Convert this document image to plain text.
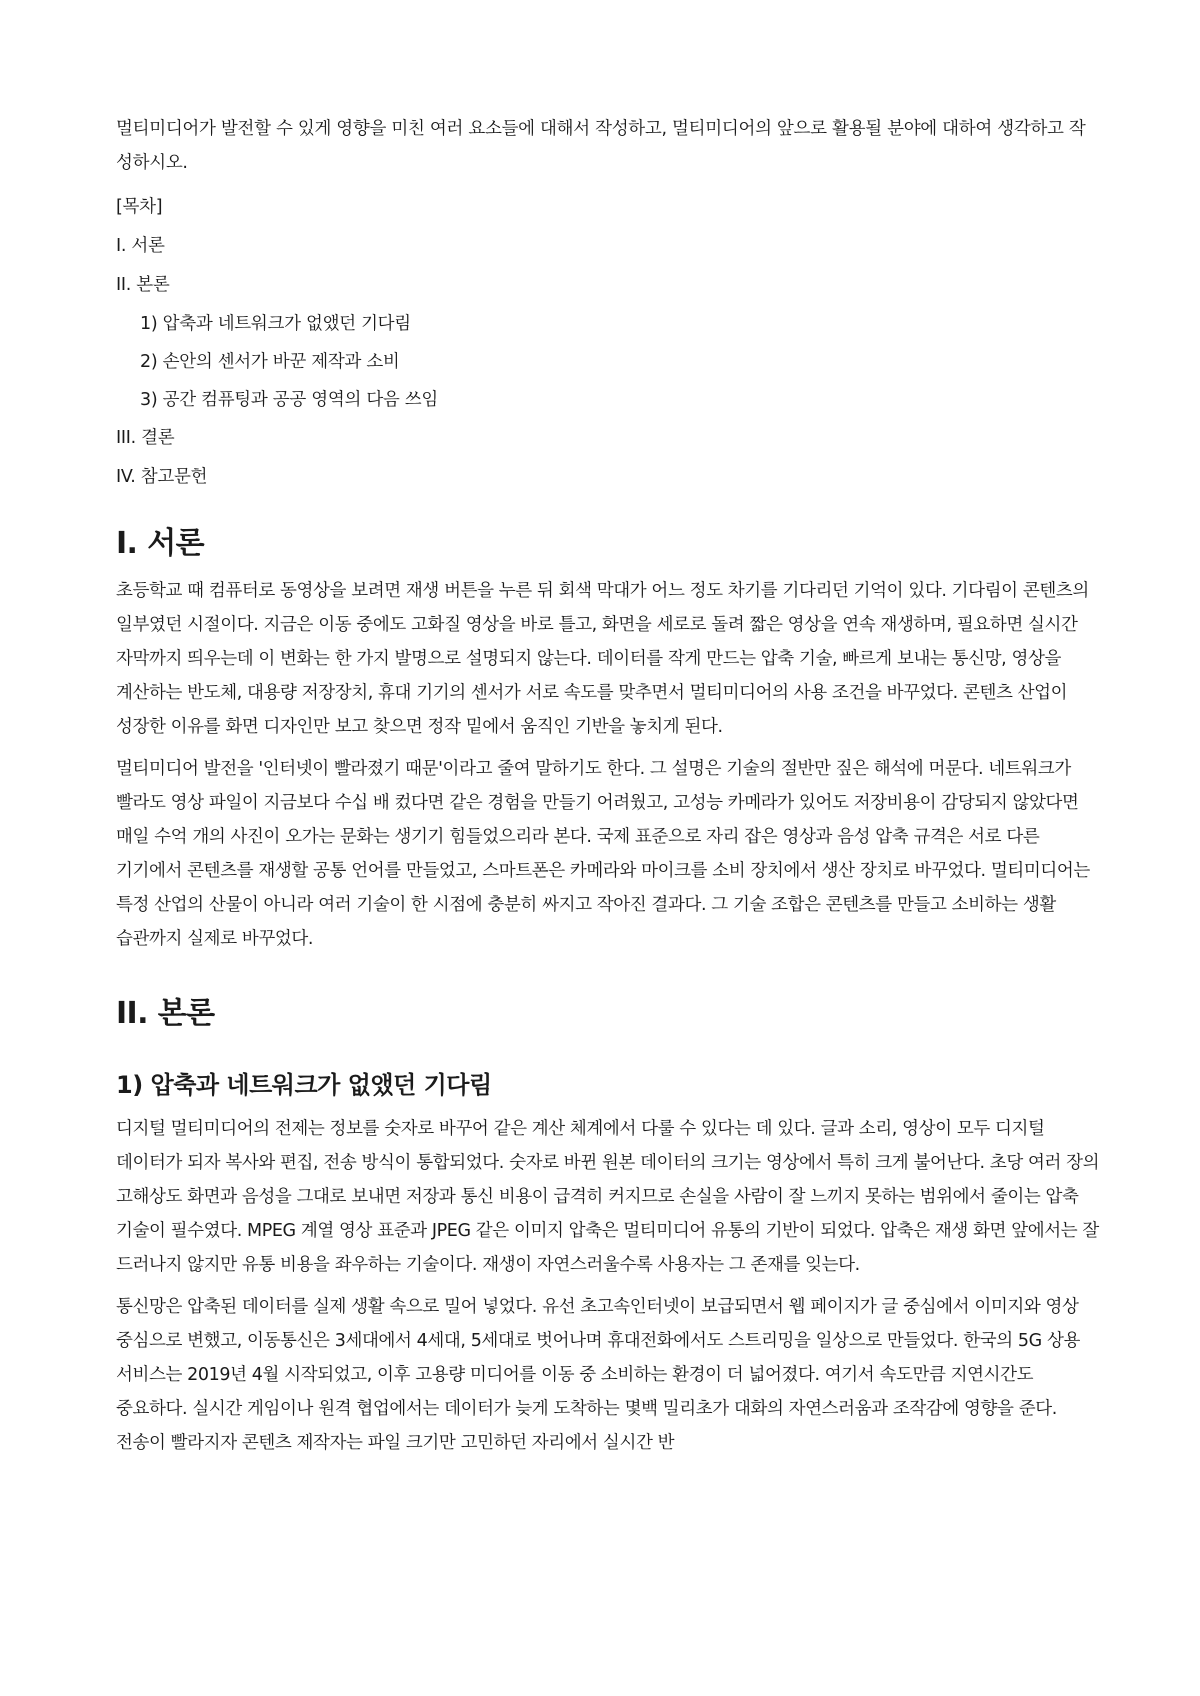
멀티미디어가 발전할 수 있게 영향을 미친 여러 요소들에 대해서 작성하고, 멀티미디어의 앞으로 활용될 분야에 대하여 생각하고 작성하시오.

[목차]

I. 서론

II. 본론

1) 압축과 네트워크가 없앴던 기다림

2) 손안의 센서가 바꾼 제작과 소비

3) 공간 컴퓨팅과 공공 영역의 다음 쓰임

III. 결론

IV. 참고문헌

I. 서론

초등학교 때 컴퓨터로 동영상을 보려면 재생 버튼을 누른 뒤 회색 막대가 어느 정도 차기를 기다리던 기억이 있다. 기다림이 콘텐츠의 일부였던 시절이다. 지금은 이동 중에도 고화질 영상을 바로 틀고, 화면을 세로로 돌려 짧은 영상을 연속 재생하며, 필요하면 실시간 자막까지 띄우는데 이 변화는 한 가지 발명으로 설명되지 않는다. 데이터를 작게 만드는 압축 기술, 빠르게 보내는 통신망, 영상을 계산하는 반도체, 대용량 저장장치, 휴대 기기의 센서가 서로 속도를 맞추면서 멀티미디어의 사용 조건을 바꾸었다. 콘텐츠 산업이 성장한 이유를 화면 디자인만 보고 찾으면 정작 밑에서 움직인 기반을 놓치게 된다.

멀티미디어 발전을 '인터넷이 빨라졌기 때문'이라고 줄여 말하기도 한다. 그 설명은 기술의 절반만 짚은 해석에 머문다. 네트워크가 빨라도 영상 파일이 지금보다 수십 배 컸다면 같은 경험을 만들기 어려웠고, 고성능 카메라가 있어도 저장비용이 감당되지 않았다면 매일 수억 개의 사진이 오가는 문화는 생기기 힘들었으리라 본다. 국제 표준으로 자리 잡은 영상과 음성 압축 규격은 서로 다른 기기에서 콘텐츠를 재생할 공통 언어를 만들었고, 스마트폰은 카메라와 마이크를 소비 장치에서 생산 장치로 바꾸었다. 멀티미디어는 특정 산업의 산물이 아니라 여러 기술이 한 시점에 충분히 싸지고 작아진 결과다. 그 기술 조합은 콘텐츠를 만들고 소비하는 생활 습관까지 실제로 바꾸었다.

II. 본론
1) 압축과 네트워크가 없앴던 기다림

디지털 멀티미디어의 전제는 정보를 숫자로 바꾸어 같은 계산 체계에서 다룰 수 있다는 데 있다. 글과 소리, 영상이 모두 디지털 데이터가 되자 복사와 편집, 전송 방식이 통합되었다. 숫자로 바뀐 원본 데이터의 크기는 영상에서 특히 크게 불어난다. 초당 여러 장의 고해상도 화면과 음성을 그대로 보내면 저장과 통신 비용이 급격히 커지므로 손실을 사람이 잘 느끼지 못하는 범위에서 줄이는 압축 기술이 필수였다. MPEG 계열 영상 표준과 JPEG 같은 이미지 압축은 멀티미디어 유통의 기반이 되었다. 압축은 재생 화면 앞에서는 잘 드러나지 않지만 유통 비용을 좌우하는 기술이다. 재생이 자연스러울수록 사용자는 그 존재를 잊는다.

통신망은 압축된 데이터를 실제 생활 속으로 밀어 넣었다. 유선 초고속인터넷이 보급되면서 웹 페이지가 글 중심에서 이미지와 영상 중심으로 변했고, 이동통신은 3세대에서 4세대, 5세대로 벗어나며 휴대전화에서도 스트리밍을 일상으로 만들었다. 한국의 5G 상용 서비스는 2019년 4월 시작되었고, 이후 고용량 미디어를 이동 중 소비하는 환경이 더 넓어졌다. 여기서 속도만큼 지연시간도 중요하다. 실시간 게임이나 원격 협업에서는 데이터가 늦게 도착하는 몇백 밀리초가 대화의 자연스러움과 조작감에 영향을 준다. 전송이 빨라지자 콘텐츠 제작자는 파일 크기만 고민하던 자리에서 실시간 반
